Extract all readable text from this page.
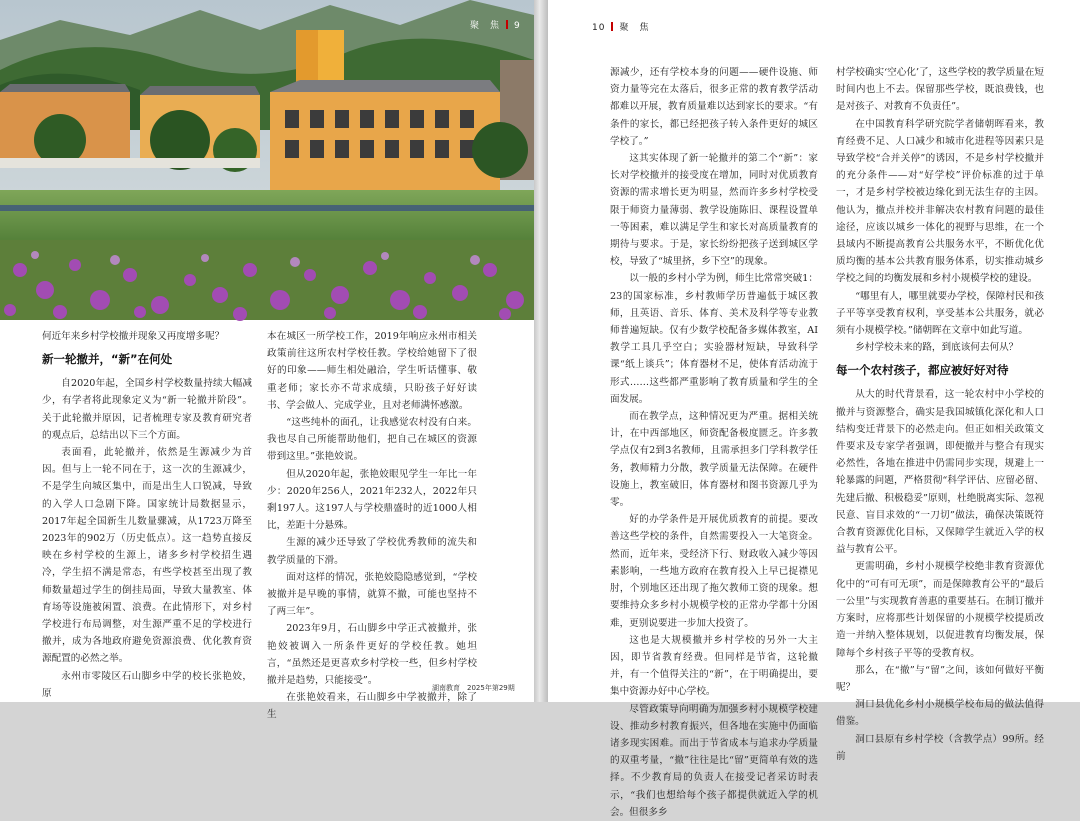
聚　焦 9

何近年来乡村学校撤并现象又再度增多呢？

新一轮撤并，“新”在何处

自2020年起，全国乡村学校数量持续大幅减少，有学者将此现象定义为“新一轮撤并阶段”。关于此轮撤并原因，记者梳理专家及教育研究者的观点后，总结出以下三个方面。

表面看，此轮撤并，依然是生源减少为首因。但与上一轮不同在于，这一次的生源减少，不是学生向城区集中，而是出生人口锐减，导致的入学人口急剧下降。国家统计局数据显示，2017年起全国新生儿数量骤减，从1723万降至2023年的902万（历史低点）。这一趋势直接反映在乡村学校的生源上，诸多乡村学校招生遇冷，学生招不满是常态，有些学校甚至出现了教师数量超过学生的倒挂局面，导致大量教室、体育场等设施被闲置、浪费。在此情形下，对乡村学校进行布局调整，对生源严重不足的学校进行撤并，成为各地政府避免资源浪费、优化教育资源配置的必然之举。

永州市零陵区石山脚乡中学的校长张艳姣，原

本在城区一所学校工作，2019年响应永州市相关政策前往这所农村学校任教。学校给她留下了很好的印象——师生相处融洽，学生听话懂事、敬重老师；家长亦不苛求成绩，只盼孩子好好读书、学会做人、完成学业，且对老师满怀感激。

“这些纯朴的面孔，让我感觉农村没有白来。我也尽自己所能帮助他们，把自己在城区的资源带到这里。”张艳姣说。

但从2020年起，张艳姣眼见学生一年比一年少：2020年256人，2021年232人，2022年只剩197人。这197人与学校鼎盛时的近1000人相比，差距十分悬殊。

生源的减少还导致了学校优秀教师的流失和教学质量的下滑。

面对这样的情况，张艳姣隐隐感觉到，“学校被撤并是早晚的事情，就算不撤，可能也坚持不了两三年”。

2023年9月，石山脚乡中学正式被撤并，张艳姣被调入一所条件更好的学校任教。她坦言，“虽然还是更喜欢乡村学校一些，但乡村学校撤并是趋势，只能接受”。

在张艳姣看来，石山脚乡中学被撤并，除了生

湖南教育　2025年第29期
10 聚　焦

源减少，还有学校本身的问题——硬件设施、师资力量等完在太落后，很多正常的教育教学活动都难以开展，教育质量难以达到家长的要求。“有条件的家长，都已经把孩子转入条件更好的城区学校了。”

这其实体现了新一轮撤并的第二个“新”：家长对学校撤并的接受度在增加，同时对优质教育资源的需求增长更为明显，然而许多乡村学校受限于师资力量薄弱、教学设施陈旧、课程设置单一等困素，难以满足学生和家长对高质量教育的期待与要求。于是，家长纷纷把孩子送到城区学校，导致了“城里挤，乡下空”的现象。

以一般的乡村小学为例，师生比常常突破1：23的国家标准，乡村教师学历普遍低于城区教师，且英语、音乐、体育、美术及科学等专业教师普遍短缺。仅有少数学校配备多媒体教室，AI教学工具几乎空白；实验器材短缺，导致科学课“纸上谈兵”；体育器材不足，使体育活动流于形式……这些都严重影响了教育质量和学生的全面发展。

而在教学点，这种情况更为严重。据相关统计，在中西部地区，师资配备极度匮乏。许多教学点仅有2到3名教师，且需承担多门学科教学任务，教师精力分散，教学质量无法保障。在硬件设施上，教室破旧，体育器材和图书资源几乎为零。

好的办学条件是开展优质教育的前提。要改善这些学校的条件，自然需要投入一大笔资金。然而，近年来，受经济下行、财政收入减少等因素影响，一些地方政府在教育投入上早已捉襟见肘，个别地区还出现了拖欠教师工资的现象。想要维持众多乡村小规模学校的正常办学都十分困难，更别说要进一步加大投资了。

这也是大规模撤并乡村学校的另外一大主因，即节省教育经费。但同样是节省，这轮撤并，有一个值得关注的“新”，在于明确提出，要集中资源办好中心学校。

尽管政策导向明确为加强乡村小规模学校建设、推动乡村教育振兴，但各地在实施中仍面临诸多现实困难。而出于节省成本与追求办学质量的双重考量，“撤”往往是比“留”更简单有效的选择。不少教育局的负责人在接受记者采访时表示，“我们也想给每个孩子都提供就近入学的机会。但很多乡

村学校确实‘空心化’了，这些学校的教学质量在短时间内也上不去。保留那些学校，既浪费钱，也是对孩子、对教育不负责任”。

在中国教育科学研究院学者储朝晖看来，教育经费不足、人口减少和城市化进程等因素只是导致学校“合并关停”的诱因，不是乡村学校撤并的充分条件——对“好学校”评价标准的过于单一，才是乡村学校被边缘化到无法生存的主因。他认为，撤点并校并非解决农村教育问题的最佳途径，应该以城乡一体化的视野与思维，在一个县域内不断提高教育公共服务水平，不断优化优质均衡的基本公共教育服务体系，切实推动城乡学校之间的均衡发展和乡村小规模学校的建设。

“哪里有人，哪里就要办学校，保障村民和孩子平等享受教育权利，享受基本公共服务，就必须有小规模学校。”储朝晖在文章中如此写道。

乡村学校未来的路，到底该何去何从？

每一个农村孩子，都应被好好对待

从大的时代背景看，这一轮农村中小学校的撤并与资源整合，确实是我国城镇化深化和人口结构变迁背景下的必然走向。但正如相关政策文件要求及专家学者强调，即便撤并与整合有现实必然性，各地在推进中仍需同步实现，规避上一轮暴露的问题，严格贯彻“科学评估、应留必留、先建后撤、积极稳妥”原则，杜绝脱离实际、忽视民意、盲目求效的“一刀切”做法，确保决策既符合教育资源优化目标，又保障学生就近入学的权益与教育公平。

更需明确，乡村小规模学校绝非教育资源优化中的“可有可无项”，而是保障教育公平的“最后一公里”与实现教育善惠的重要基石。在制订撤并方案时，应将那些计划保留的小规模学校提质改造一并纳入整体规划，以促进教育均衡发展，保障每个乡村孩子平等的受教育权。

那么，在“撤”与“留”之间，该如何做好平衡呢？

洞口县优化乡村小规模学校布局的做法值得借鉴。

洞口县原有乡村学校（含教学点）99所。经前
